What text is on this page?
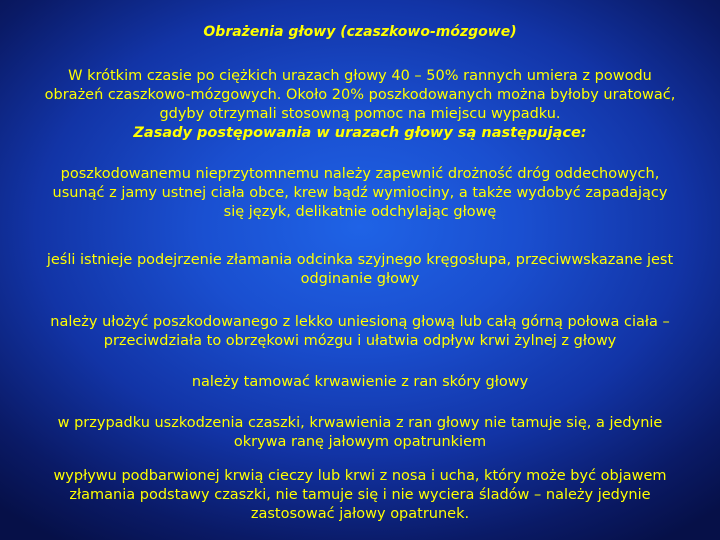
Obrażenia głowy (czaszkowo-mózgowe)
W krótkim czasie po ciężkich urazach głowy 40 – 50% rannych umiera z powodu obrażeń czaszkowo-mózgowych. Około 20% poszkodowanych można byłoby uratować, gdyby otrzymali stosowną pomoc na miejscu wypadku.
Zasady postępowania w urazach głowy są następujące:
poszkodowanemu nieprzytomnemu należy zapewnić drożność dróg oddechowych, usunąć z jamy ustnej ciała obce, krew bądź wymiociny, a także wydobyć zapadający się język, delikatnie odchylając głowę
jeśli istnieje podejrzenie złamania odcinka szyjnego kręgosłupa, przeciwwskazane jest odginanie głowy
należy ułożyć poszkodowanego z lekko uniesioną głową lub całą górną połowa ciała – przeciwdziała to obrzękowi mózgu i ułatwia odpływ krwi żylnej z głowy
należy tamować krwawienie z ran skóry głowy
w przypadku uszkodzenia czaszki, krwawienia z ran głowy nie tamuje się, a jedynie okrywa ranę jałowym opatrunkiem
wypływu podbarwionej krwią cieczy lub krwi z nosa i ucha, który może być objawem złamania podstawy czaszki, nie tamuje się i nie wyciera śladów – należy jedynie zastosować jałowy opatrunek.
